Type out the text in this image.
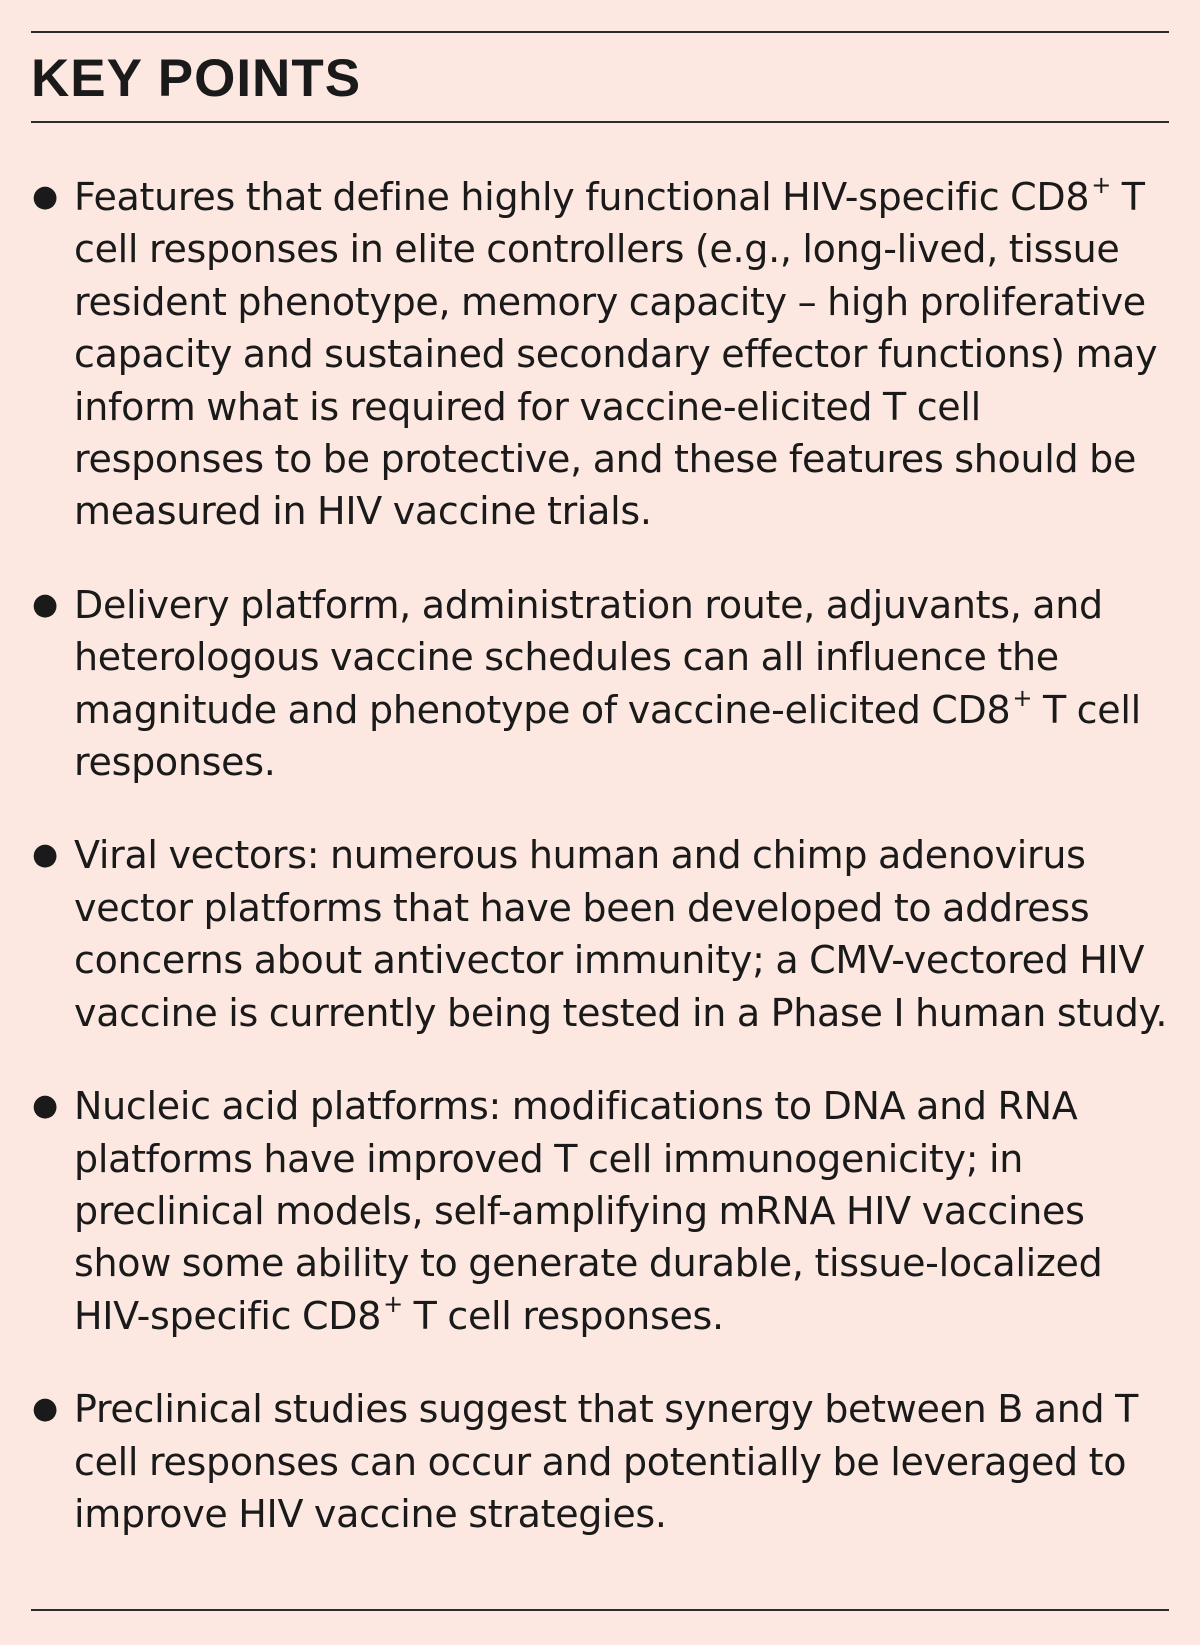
KEY POINTS
● Features that define highly functional HIV-specific CD8+ T cell responses in elite controllers (e.g., long-lived, tissue resident phenotype, memory capacity – high proliferative capacity and sustained secondary effector functions) may inform what is required for vaccine-elicited T cell responses to be protective, and these features should be measured in HIV vaccine trials.
● Delivery platform, administration route, adjuvants, and heterologous vaccine schedules can all influence the magnitude and phenotype of vaccine-elicited CD8+ T cell responses.
● Viral vectors: numerous human and chimp adenovirus vector platforms that have been developed to address concerns about antivector immunity; a CMV-vectored HIV vaccine is currently being tested in a Phase I human study.
● Nucleic acid platforms: modifications to DNA and RNA platforms have improved T cell immunogenicity; in preclinical models, self-amplifying mRNA HIV vaccines show some ability to generate durable, tissue-localized HIV-specific CD8+ T cell responses.
● Preclinical studies suggest that synergy between B and T cell responses can occur and potentially be leveraged to improve HIV vaccine strategies.
